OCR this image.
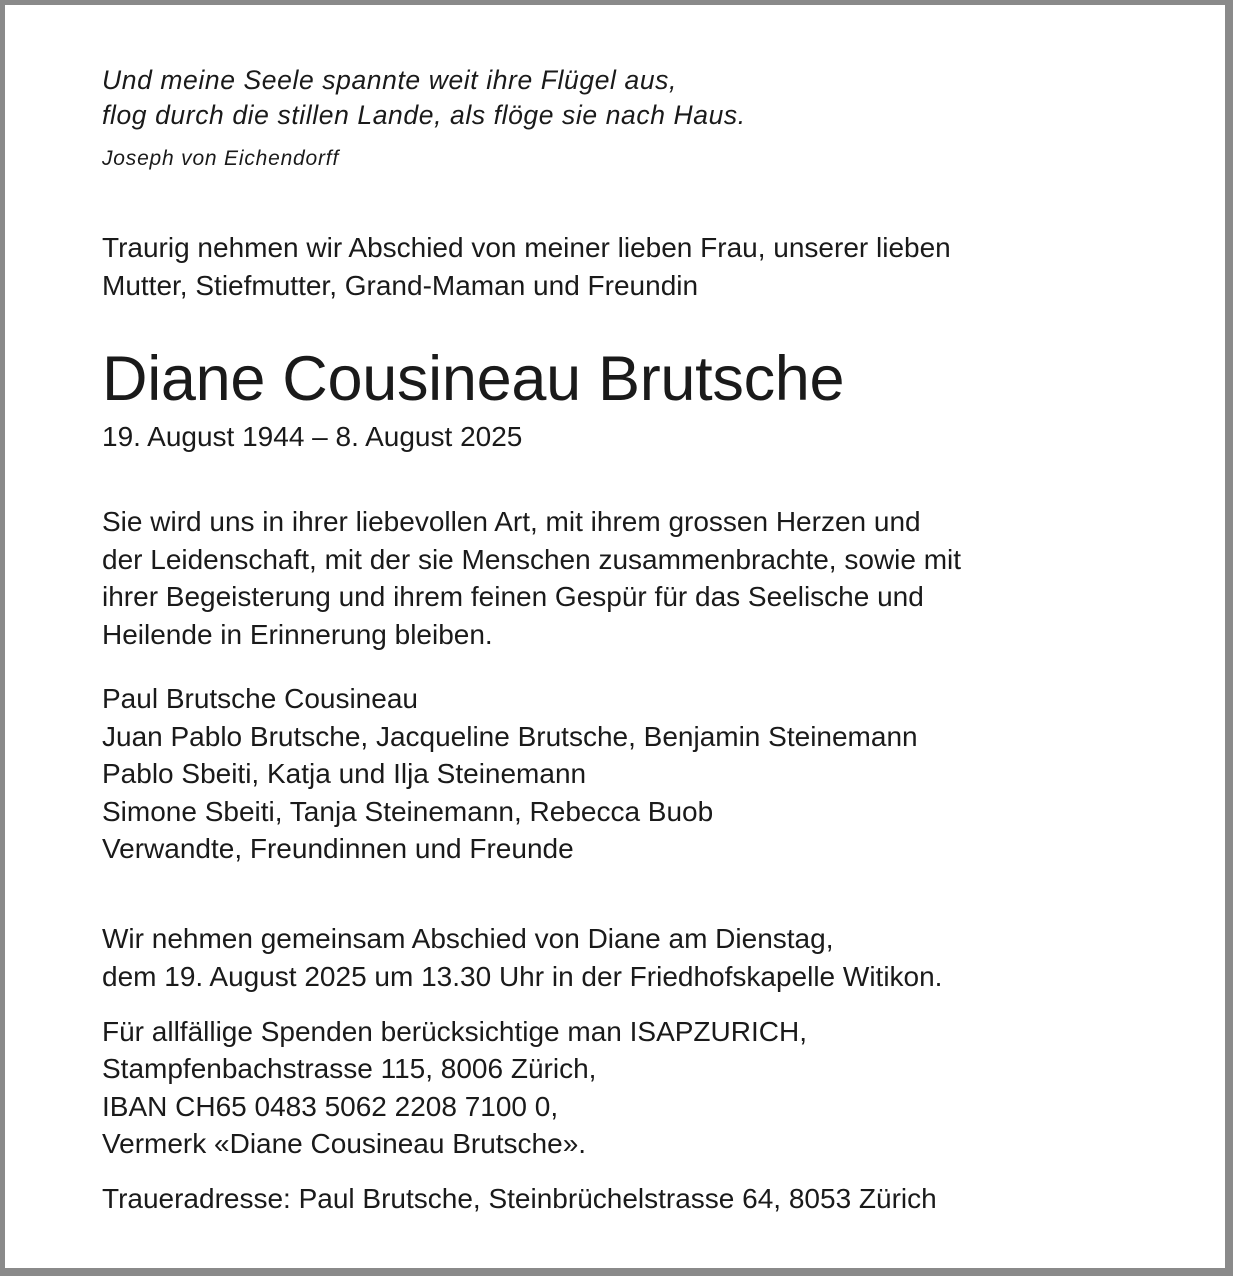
Und meine Seele spannte weit ihre Flügel aus,
flog durch die stillen Lande, als flöge sie nach Haus.

Joseph von Eichendorff

Traurig nehmen wir Abschied von meiner lieben Frau, unserer lieben
Mutter, Stiefmutter, Grand-Maman und Freundin

Diane Cousineau Brutsche

19. August 1944 – 8. August 2025

Sie wird uns in ihrer liebevollen Art, mit ihrem grossen Herzen und
der Leidenschaft, mit der sie Menschen zusammenbrachte, sowie mit
ihrer Begeisterung und ihrem feinen Gespür für das Seelische und
Heilende in Erinnerung bleiben.

Paul Brutsche Cousineau
Juan Pablo Brutsche, Jacqueline Brutsche, Benjamin Steinemann
Pablo Sbeiti, Katja und Ilja Steinemann
Simone Sbeiti, Tanja Steinemann, Rebecca Buob
Verwandte, Freundinnen und Freunde

Wir nehmen gemeinsam Abschied von Diane am Dienstag,
dem 19. August 2025 um 13.30 Uhr in der Friedhofskapelle Witikon.

Für allfällige Spenden berücksichtige man ISAPZURICH,
Stampfenbachstrasse 115, 8006 Zürich,
IBAN CH65 0483 5062 2208 7100 0,
Vermerk «Diane Cousineau Brutsche».

Traueradresse: Paul Brutsche, Steinbrüchelstrasse 64, 8053 Zürich
